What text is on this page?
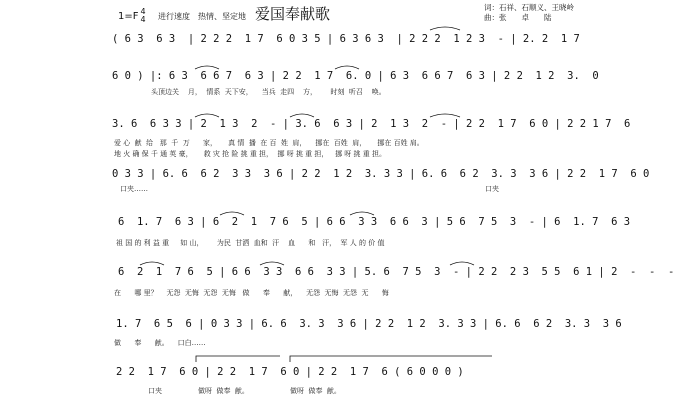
1=F 4
4 进行速度　热情、坚定地 爱国奉献歌	词：石祥、石顺义、王晓岭
曲：张　　卓　　陆
( 6 3  6 3  | 2 2 2  1 7  6 0 3 5 | 6 3 6 3  | 2 2 2  1 2 3  - | 2. 2  1 7
6 0 ) |: 6 3  6 6 7  6 3 | 2 2  1 7  6. 0 | 6 3  6 6 7  6 3 | 2 2  1 2  3.  0
头顶边关    月，  情系  天下安，    当兵  走四    方，      时刻  听召    唤。
3. 6  6 3 3 | 2  1 3  2  - | 3. 6  6 3 | 2  1 3  2  - | 2 2  1 7  6 0 | 2 2 1 7  6
爱 心  献  给   那  千  万      家，     真 情  播  在 百  姓  肩，    挪在  百姓  肩，     挪在 百姓 肩。
0 3 3 | 6. 6  6 2  3 3  3 6 | 2 2  1 2  3. 3 3 | 6. 6  6 2  3. 3  3 6 | 2 2  1 7  6 0
地 火 确 保 千 通 英 豪，     救 灾 抢 险 挑 重 担，  挪 呀 挑 重 担，   挪 呀 挑 重 担。
口夹……	口夹
6  1. 7  6 3 | 6  2  1  7 6  5 | 6 6  3 3  6 6  3 | 5 6  7 5  3  - | 6  1. 7  6 3
祖 国 的 利 益 重     如 山，      为民  甘洒  血和  汗    血      和   汗，  军 人 的 价 值
6  2  1  7 6  5 | 6 6  3 3  6 6  3 3 | 5. 6  7 5  3  - | 2 2  2 3  5 5  6 1 | 2  -  -  -
在      哪 里？    无怨  无悔  无怨  无悔   做      奉      献，    无怨  无悔  无怨  无      悔
1. 7  6 5  6 | 0 3 3 | 6. 6  3. 3  3 6 | 2 2  1 2  3. 3 3 | 6. 6  6 2  3. 3  3 6
做      奉      献。    口白……
2 2  1 7  6 0 | 2 2  1 7  6 0 | 2 2  1 7  6 ( 6 0 0 0 )
口夹	做呀  做奉  献。	做呀  做奉  献。
